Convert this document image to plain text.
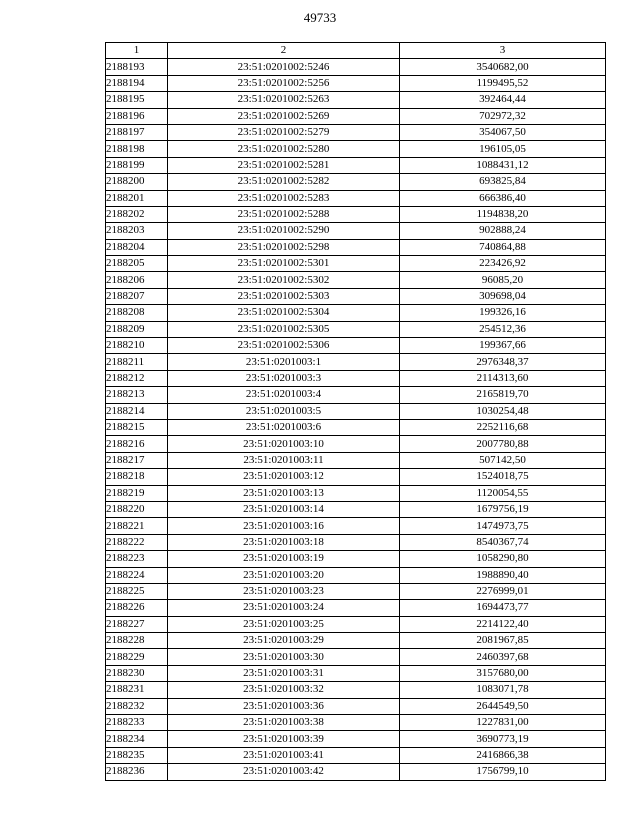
49733
1	2	3
2188193	23:51:0201002:5246	3540682,00
2188194	23:51:0201002:5256	1199495,52
2188195	23:51:0201002:5263	392464,44
2188196	23:51:0201002:5269	702972,32
2188197	23:51:0201002:5279	354067,50
2188198	23:51:0201002:5280	196105,05
2188199	23:51:0201002:5281	1088431,12
2188200	23:51:0201002:5282	693825,84
2188201	23:51:0201002:5283	666386,40
2188202	23:51:0201002:5288	1194838,20
2188203	23:51:0201002:5290	902888,24
2188204	23:51:0201002:5298	740864,88
2188205	23:51:0201002:5301	223426,92
2188206	23:51:0201002:5302	96085,20
2188207	23:51:0201002:5303	309698,04
2188208	23:51:0201002:5304	199326,16
2188209	23:51:0201002:5305	254512,36
2188210	23:51:0201002:5306	199367,66
2188211	23:51:0201003:1	2976348,37
2188212	23:51:0201003:3	2114313,60
2188213	23:51:0201003:4	2165819,70
2188214	23:51:0201003:5	1030254,48
2188215	23:51:0201003:6	2252116,68
2188216	23:51:0201003:10	2007780,88
2188217	23:51:0201003:11	507142,50
2188218	23:51:0201003:12	1524018,75
2188219	23:51:0201003:13	1120054,55
2188220	23:51:0201003:14	1679756,19
2188221	23:51:0201003:16	1474973,75
2188222	23:51:0201003:18	8540367,74
2188223	23:51:0201003:19	1058290,80
2188224	23:51:0201003:20	1988890,40
2188225	23:51:0201003:23	2276999,01
2188226	23:51:0201003:24	1694473,77
2188227	23:51:0201003:25	2214122,40
2188228	23:51:0201003:29	2081967,85
2188229	23:51:0201003:30	2460397,68
2188230	23:51:0201003:31	3157680,00
2188231	23:51:0201003:32	1083071,78
2188232	23:51:0201003:36	2644549,50
2188233	23:51:0201003:38	1227831,00
2188234	23:51:0201003:39	3690773,19
2188235	23:51:0201003:41	2416866,38
2188236	23:51:0201003:42	1756799,10
